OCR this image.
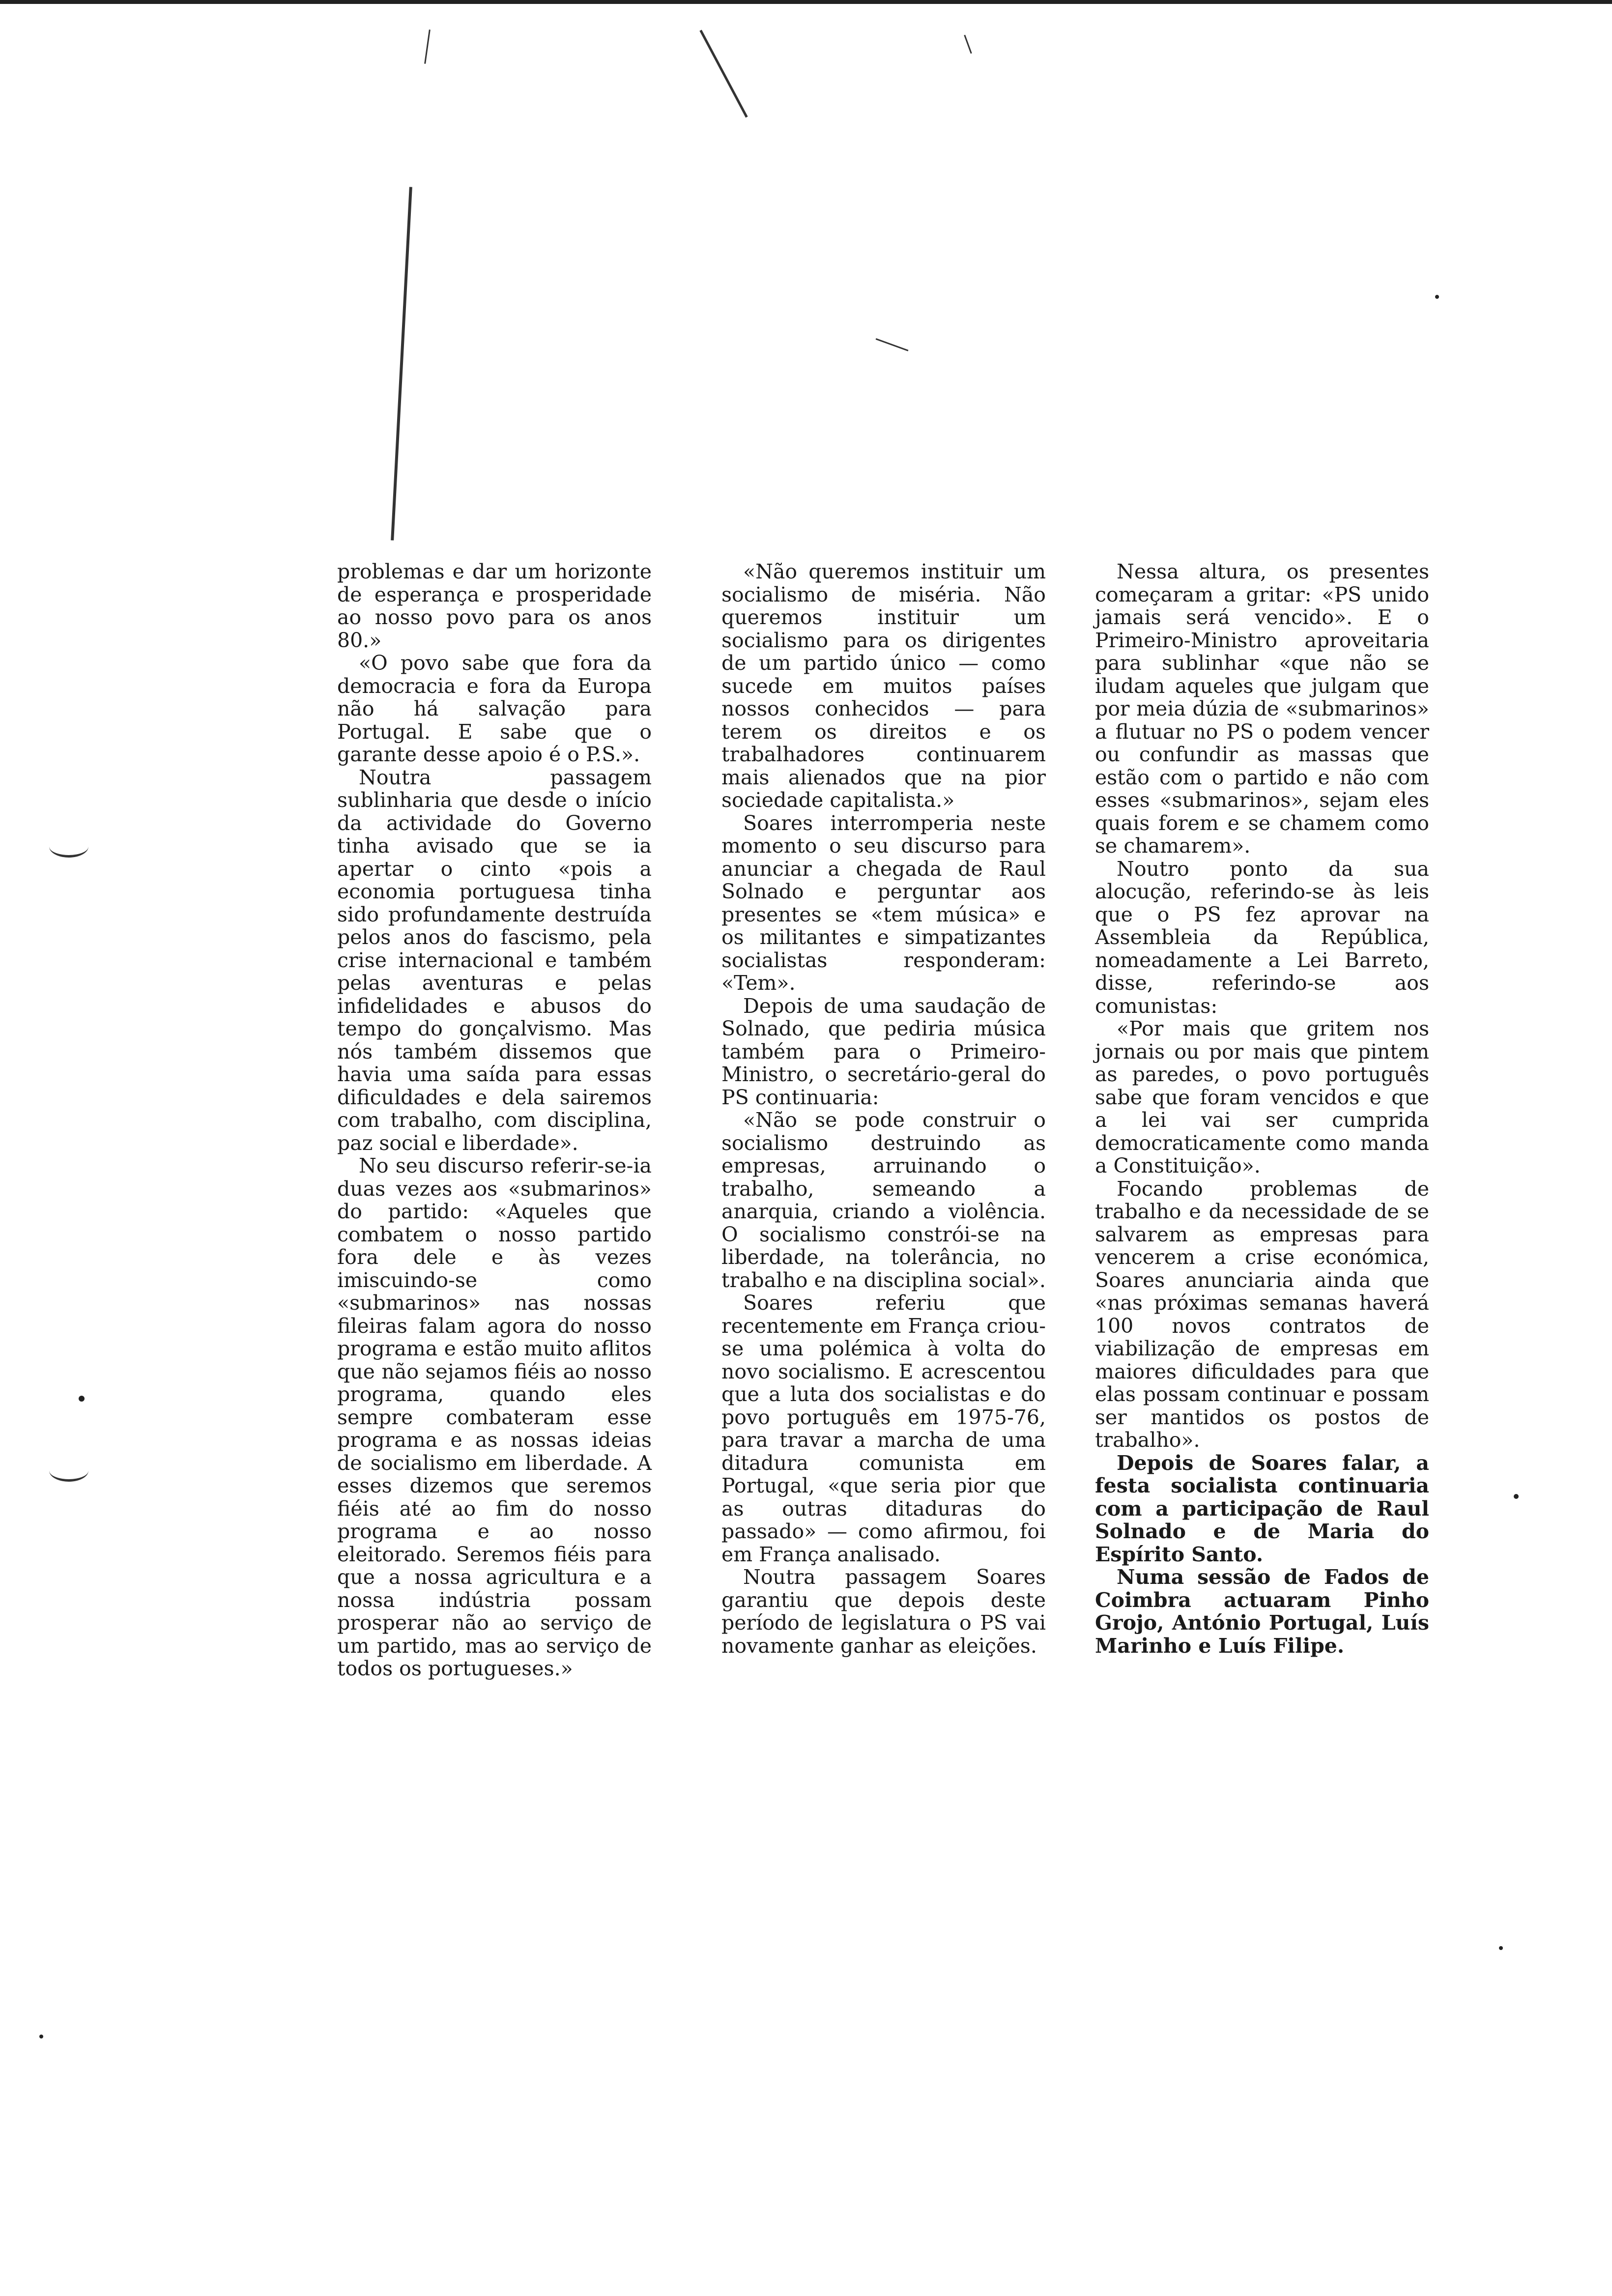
problemas e dar um horizonte de esperança e prosperidade ao nosso povo para os anos 80.»

«O povo sabe que fora da democracia e fora da Europa não há salvação para Portugal. E sabe que o garante desse apoio é o P.S.».

Noutra passagem sublinharia que desde o início da actividade do Governo tinha avisado que se ia apertar o cinto «pois a economia portuguesa tinha sido profundamente destruída pelos anos do fascismo, pela crise internacional e também pelas aventuras e pelas infidelidades e abusos do tempo do gonçalvismo. Mas nós também dissemos que havia uma saída para essas dificuldades e dela sairemos com trabalho, com disciplina, paz social e liberdade».

No seu discurso referir-se-ia duas vezes aos «submarinos» do partido: «Aqueles que combatem o nosso partido fora dele e às vezes imiscuindo-se como «submarinos» nas nossas fileiras falam agora do nosso programa e estão muito aflitos que não sejamos fiéis ao nosso programa, quando eles sempre combateram esse programa e as nossas ideias de socialismo em liberdade. A esses dizemos que seremos fiéis até ao fim do nosso programa e ao nosso eleitorado. Seremos fiéis para que a nossa agricultura e a nossa indústria possam prosperar não ao serviço de um partido, mas ao serviço de todos os portugueses.»

«Não queremos instituir um socialismo de miséria. Não queremos instituir um socialismo para os dirigentes de um partido único — como sucede em muitos países nossos conhecidos — para terem os direitos e os trabalhadores continuarem mais alienados que na pior sociedade capitalista.»

Soares interromperia neste momento o seu discurso para anunciar a chegada de Raul Solnado e perguntar aos presentes se «tem música» e os militantes e simpatizantes socialistas responderam: «Tem».

Depois de uma saudação de Solnado, que pediria música também para o Primeiro-Ministro, o secretário-geral do PS continuaria:

«Não se pode construir o socialismo destruindo as empresas, arruinando o trabalho, semeando a anarquia, criando a violência. O socialismo constrói-se na liberdade, na tolerância, no trabalho e na disciplina social».

Soares referiu que recentemente em França criou-se uma polémica à volta do novo socialismo. E acrescentou que a luta dos socialistas e do povo português em 1975-76, para travar a marcha de uma ditadura comunista em Portugal, «que seria pior que as outras ditaduras do passado» — como afirmou, foi em França analisado.

Noutra passagem Soares garantiu que depois deste período de legislatura o PS vai novamente ganhar as eleições.

Nessa altura, os presentes começaram a gritar: «PS unido jamais será vencido». E o Primeiro-Ministro aproveitaria para sublinhar «que não se iludam aqueles que julgam que por meia dúzia de «submarinos» a flutuar no PS o podem vencer ou confundir as massas que estão com o partido e não com esses «submarinos», sejam eles quais forem e se chamem como se chamarem».

Noutro ponto da sua alocução, referindo-se às leis que o PS fez aprovar na Assembleia da República, nomeadamente a Lei Barreto, disse, referindo-se aos comunistas:

«Por mais que gritem nos jornais ou por mais que pintem as paredes, o povo português sabe que foram vencidos e que a lei vai ser cumprida democraticamente como manda a Constituição».

Focando problemas de trabalho e da necessidade de se salvarem as empresas para vencerem a crise económica, Soares anunciaria ainda que «nas próximas semanas haverá 100 novos contratos de viabilização de empresas em maiores dificuldades para que elas possam continuar e possam ser mantidos os postos de trabalho».

Depois de Soares falar, a festa socialista continuaria com a participação de Raul Solnado e de Maria do Espírito Santo.

Numa sessão de Fados de Coimbra actuaram Pinho Grojo, António Portugal, Luís Marinho e Luís Filipe.
